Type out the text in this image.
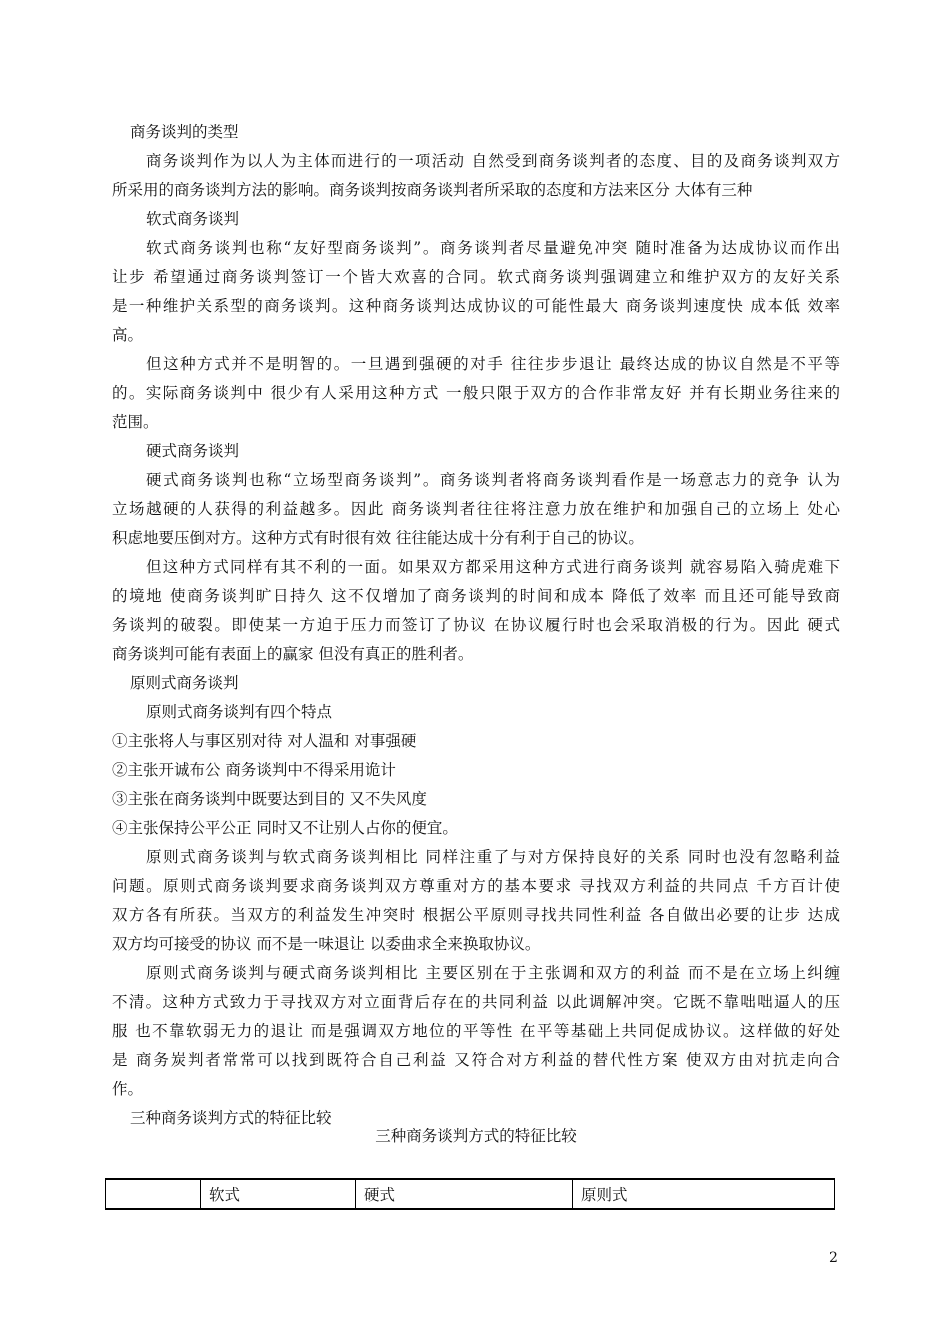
商务谈判的类型
商务谈判作为以人为主体而进行的一项活动 自然受到商务谈判者的态度、目的及商务谈判双方
所采用的商务谈判方法的影响。商务谈判按商务谈判者所采取的态度和方法来区分 大体有三种
软式商务谈判
软式商务谈判也称“友好型商务谈判”。商务谈判者尽量避免冲突 随时准备为达成协议而作出
让步 希望通过商务谈判签订一个皆大欢喜的合同。软式商务谈判强调建立和维护双方的友好关系
是一种维护关系型的商务谈判。这种商务谈判达成协议的可能性最大 商务谈判速度快 成本低 效率
高。
但这种方式并不是明智的。一旦遇到强硬的对手 往往步步退让 最终达成的协议自然是不平等
的。实际商务谈判中 很少有人采用这种方式 一般只限于双方的合作非常友好 并有长期业务往来的
范围。
硬式商务谈判
硬式商务谈判也称“立场型商务谈判”。商务谈判者将商务谈判看作是一场意志力的竞争 认为
立场越硬的人获得的利益越多。因此 商务谈判者往往将注意力放在维护和加强自己的立场上 处心
积虑地要压倒对方。这种方式有时很有效 往往能达成十分有利于自己的协议。
但这种方式同样有其不利的一面。如果双方都采用这种方式进行商务谈判 就容易陷入骑虎难下
的境地 使商务谈判旷日持久 这不仅增加了商务谈判的时间和成本 降低了效率 而且还可能导致商
务谈判的破裂。即使某一方迫于压力而签订了协议 在协议履行时也会采取消极的行为。因此 硬式
商务谈判可能有表面上的赢家 但没有真正的胜利者。
原则式商务谈判
原则式商务谈判有四个特点
①主张将人与事区别对待 对人温和 对事强硬
②主张开诚布公 商务谈判中不得采用诡计
③主张在商务谈判中既要达到目的 又不失风度
④主张保持公平公正 同时又不让别人占你的便宜。
原则式商务谈判与软式商务谈判相比 同样注重了与对方保持良好的关系 同时也没有忽略利益
问题。原则式商务谈判要求商务谈判双方尊重对方的基本要求 寻找双方利益的共同点 千方百计使
双方各有所获。当双方的利益发生冲突时 根据公平原则寻找共同性利益 各自做出必要的让步 达成
双方均可接受的协议 而不是一味退让 以委曲求全来换取协议。
原则式商务谈判与硬式商务谈判相比 主要区别在于主张调和双方的利益 而不是在立场上纠缠
不清。这种方式致力于寻找双方对立面背后存在的共同利益 以此调解冲突。它既不靠咄咄逼人的压
服 也不靠软弱无力的退让 而是强调双方地位的平等性 在平等基础上共同促成协议。这样做的好处
是 商务炭判者常常可以找到既符合自己利益 又符合对方利益的替代性方案 使双方由对抗走向合
作。
三种商务谈判方式的特征比较
三种商务谈判方式的特征比较
	软式	硬式	原则式
2
